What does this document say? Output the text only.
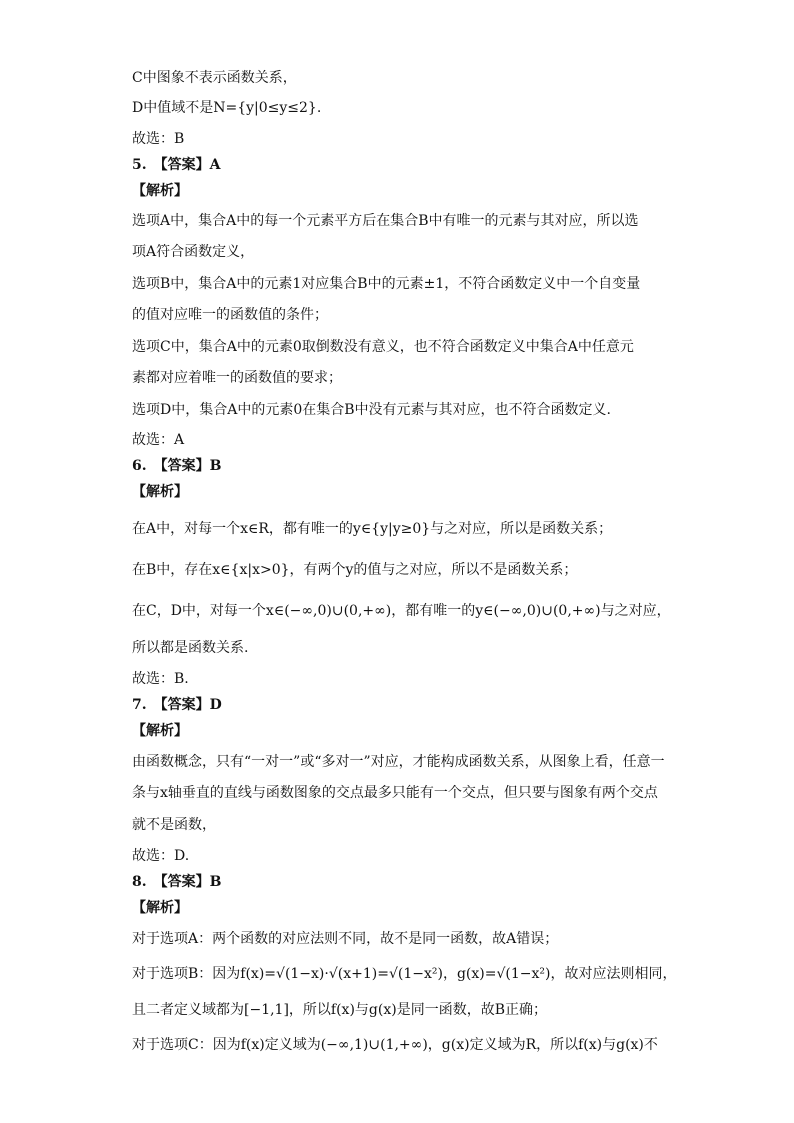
C中图象不表示函数关系，
D中值域不是N={y|0≤y≤2}.
故选：B
5.　【答案】A
【解析】
选项A中，集合A中的每一个元素平方后在集合B中有唯一的元素与其对应，所以选
项A符合函数定义，
选项B中，集合A中的元素1对应集合B中的元素±1，不符合函数定义中一个自变量
的值对应唯一的函数值的条件；
选项C中，集合A中的元素0取倒数没有意义，也不符合函数定义中集合A中任意元
素都对应着唯一的函数值的要求；
选项D中，集合A中的元素0在集合B中没有元素与其对应，也不符合函数定义.
故选：A
6.　【答案】B
【解析】
在A中，对每一个x∈R，都有唯一的y∈{y|y≥0}与之对应，所以是函数关系；
在B中，存在x∈{x|x>0}，有两个y的值与之对应，所以不是函数关系；
在C，D中，对每一个x∈(−∞,0)∪(0,+∞)，都有唯一的y∈(−∞,0)∪(0,+∞)与之对应，
所以都是函数关系.
故选：B.
7.　【答案】D
【解析】
由函数概念，只有“一对一”或“多对一”对应，才能构成函数关系，从图象上看，任意一
条与x轴垂直的直线与函数图象的交点最多只能有一个交点，但只要与图象有两个交点
就不是函数，
故选：D.
8.　【答案】B
【解析】
对于选项A：两个函数的对应法则不同，故不是同一函数，故A错误；
对于选项B：因为f(x)=√(1−x)·√(x+1)=√(1−x²)，g(x)=√(1−x²)，故对应法则相同，
且二者定义域都为[−1,1]，所以f(x)与g(x)是同一函数，故B正确；
对于选项C：因为f(x)定义域为(−∞,1)∪(1,+∞)，g(x)定义域为R，所以f(x)与g(x)不
